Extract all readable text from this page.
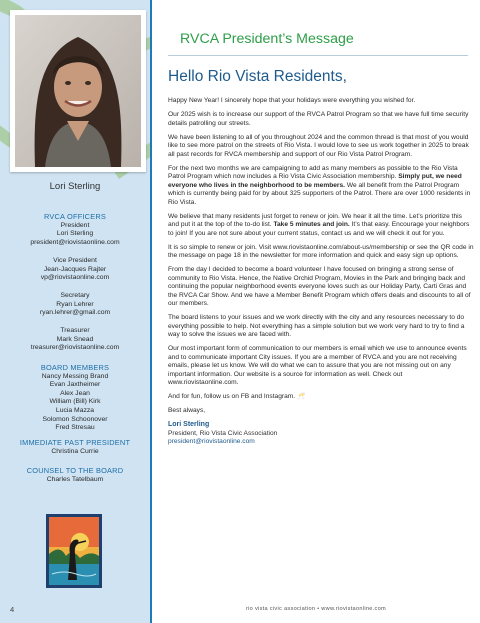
Lori Sterling
RVCA OFFICERS
President
Lori Sterling
president@riovistaonline.com
Vice President
Jean-Jacques Rajter
vp@riovistaonline.com
Secretary
Ryan Lehrer
ryan.lehrer@gmail.com
Treasurer
Mark Snead
treasurer@riovistaonline.com
BOARD MEMBERS
Nancy Messing Brand
Evan Jaxtheimer
Alex Jean
William (Bill) Kirk
Lucia Mazza
Solomon Schoonover
Fred Stresau
IMMEDIATE PAST PRESIDENT
Christina Currie
COUNSEL TO THE BOARD
Charles Tatelbaum
4
RVCA President’s Message
Hello Rio Vista Residents,

Happy New Year! I sincerely hope that your holidays were everything you wished for.

Our 2025 wish is to increase our support of the RVCA Patrol Program so that we have full time security details patrolling our streets.

We have been listening to all of you throughout 2024 and the common thread is that most of you would like to see more patrol on the streets of Rio Vista. I would love to see us work together in 2025 to break all past records for RVCA membership and support of our Rio Vista Patrol Program.

For the next two months we are campaigning to add as many members as possible to the Rio Vista Patrol Program which now includes a Rio Vista Civic Association membership. Simply put, we need everyone who lives in the neighborhood to be members. We all benefit from the Patrol Program which is currently being paid for by about 325 supporters of the Patrol. There are over 1000 residents in Rio Vista.

We believe that many residents just forget to renew or join. We hear it all the time. Let’s prioritize this and put it at the top of the to-do list. Take 5 minutes and join. It’s that easy. Encourage your neighbors to join! If you are not sure about your current status, contact us and we will check it out for you.

It is so simple to renew or join. Visit www.riovistaonline.com/about-us/membership or see the QR code in the message on page 18 in the newsletter for more information and quick and easy sign up options.

From the day I decided to become a board volunteer I have focused on bringing a strong sense of community to Rio Vista. Hence, the Native Orchid Program, Movies in the Park and bringing back and continuing the popular neighborhood events everyone loves such as our Holiday Party, Carti Gras and the RVCA Car Show. And we have a Member Benefit Program which offers deals and discounts to all of our members.

The board listens to your issues and we work directly with the city and any resources necessary to do everything possible to help. Not everything has a simple solution but we work very hard to try to find a way to solve the issues we are faced with.

Our most important form of communication to our members is email which we use to announce events and to communicate important City issues. If you are a member of RVCA and you are not receiving emails, please let us know. We will do what we can to assure that you are not missing out on any important information. Our website is a source for information as well. Check out www.riovistaonline.com.

And for fun, follow us on FB and Instagram. 🥂

Best always,

Lori Sterling
President, Rio Vista Civic Association
president@riovistaonline.com
rio vista civic association • www.riovistaonline.com
